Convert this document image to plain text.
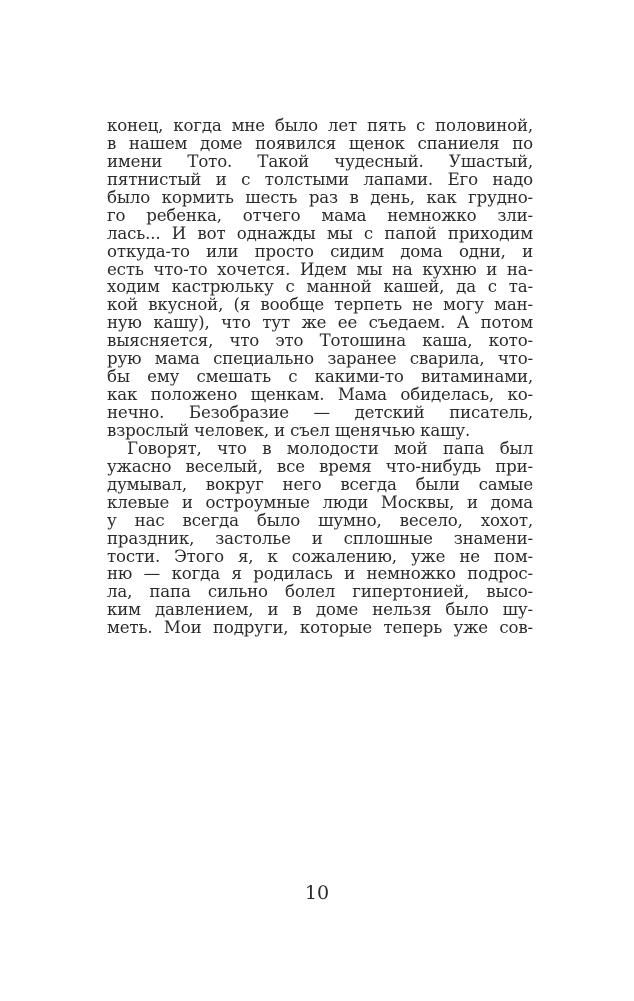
конец, когда мне было лет пять с половиной,
в нашем доме появился щенок спаниеля по
имени Тото. Такой чудесный. Ушастый,
пятнистый и с толстыми лапами. Его надо
было кормить шесть раз в день, как грудно-
го ребенка, отчего мама немножко зли-
лась... И вот однажды мы с папой приходим
откуда-то или просто сидим дома одни, и
есть что-то хочется. Идем мы на кухню и на-
ходим кастрюльку с манной кашей, да с та-
кой вкусной, (я вообще терпеть не могу ман-
ную кашу), что тут же ее съедаем. А потом
выясняется, что это Тотошина каша, кото-
рую мама специально заранее сварила, что-
бы ему смешать с какими-то витаминами,
как положено щенкам. Мама обиделась, ко-
нечно. Безобразие — детский писатель,
взрослый человек, и съел щенячью кашу.
Говорят, что в молодости мой папа был
ужасно веселый, все время что-нибудь при-
думывал, вокруг него всегда были самые
клевые и остроумные люди Москвы, и дома
у нас всегда было шумно, весело, хохот,
праздник, застолье и сплошные знамени-
тости. Этого я, к сожалению, уже не пом-
ню — когда я родилась и немножко подрос-
ла, папа сильно болел гипертонией, высо-
ким давлением, и в доме нельзя было шу-
меть. Мои подруги, которые теперь уже сов-
10
